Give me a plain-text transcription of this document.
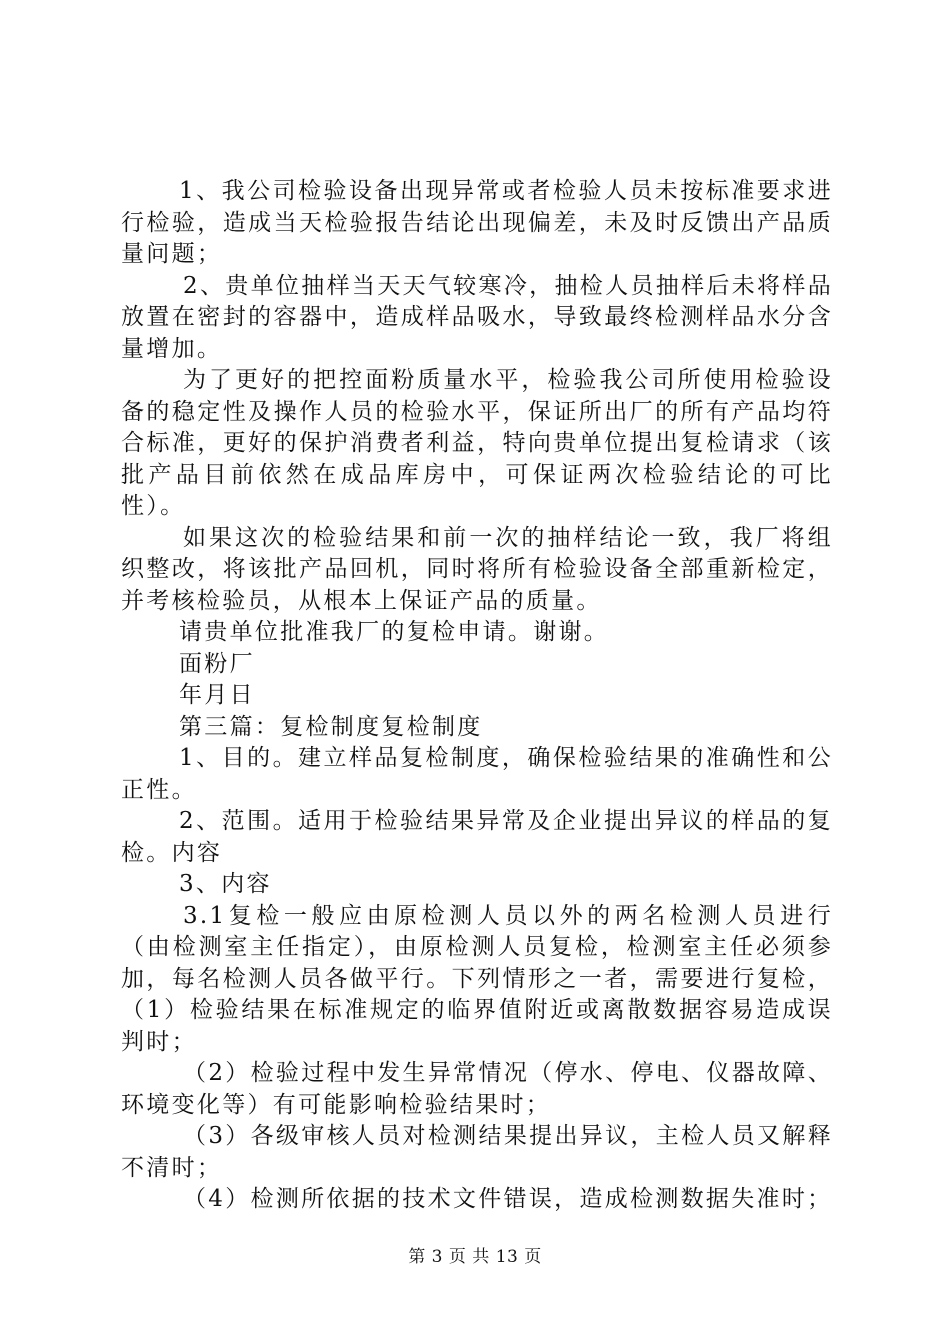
1、我公司检验设备出现异常或者检验人员未按标准要求进行检验，造成当天检验报告结论出现偏差，未及时反馈出产品质量问题；

2、贵单位抽样当天天气较寒冷，抽检人员抽样后未将样品放置在密封的容器中，造成样品吸水，导致最终检测样品水分含量增加。

为了更好的把控面粉质量水平，检验我公司所使用检验设备的稳定性及操作人员的检验水平，保证所出厂的所有产品均符合标准，更好的保护消费者利益，特向贵单位提出复检请求（该批产品目前依然在成品库房中，可保证两次检验结论的可比性）。

如果这次的检验结果和前一次的抽样结论一致，我厂将组织整改，将该批产品回机，同时将所有检验设备全部重新检定，并考核检验员，从根本上保证产品的质量。

请贵单位批准我厂的复检申请。谢谢。

面粉厂

年月日

第三篇：复检制度复检制度

1、目的。建立样品复检制度，确保检验结果的准确性和公正性。

2、范围。适用于检验结果异常及企业提出异议的样品的复检。内容

3、内容

3.1复检一般应由原检测人员以外的两名检测人员进行（由检测室主任指定），由原检测人员复检，检测室主任必须参加，每名检测人员各做平行。下列情形之一者，需要进行复检，（1）检验结果在标准规定的临界值附近或离散数据容易造成误判时；

（2）检验过程中发生异常情况（停水、停电、仪器故障、环境变化等）有可能影响检验结果时；

（3）各级审核人员对检测结果提出异议，主检人员又解释不清时；

（4）检测所依据的技术文件错误，造成检测数据失准时；

第 3 页 共 13 页
